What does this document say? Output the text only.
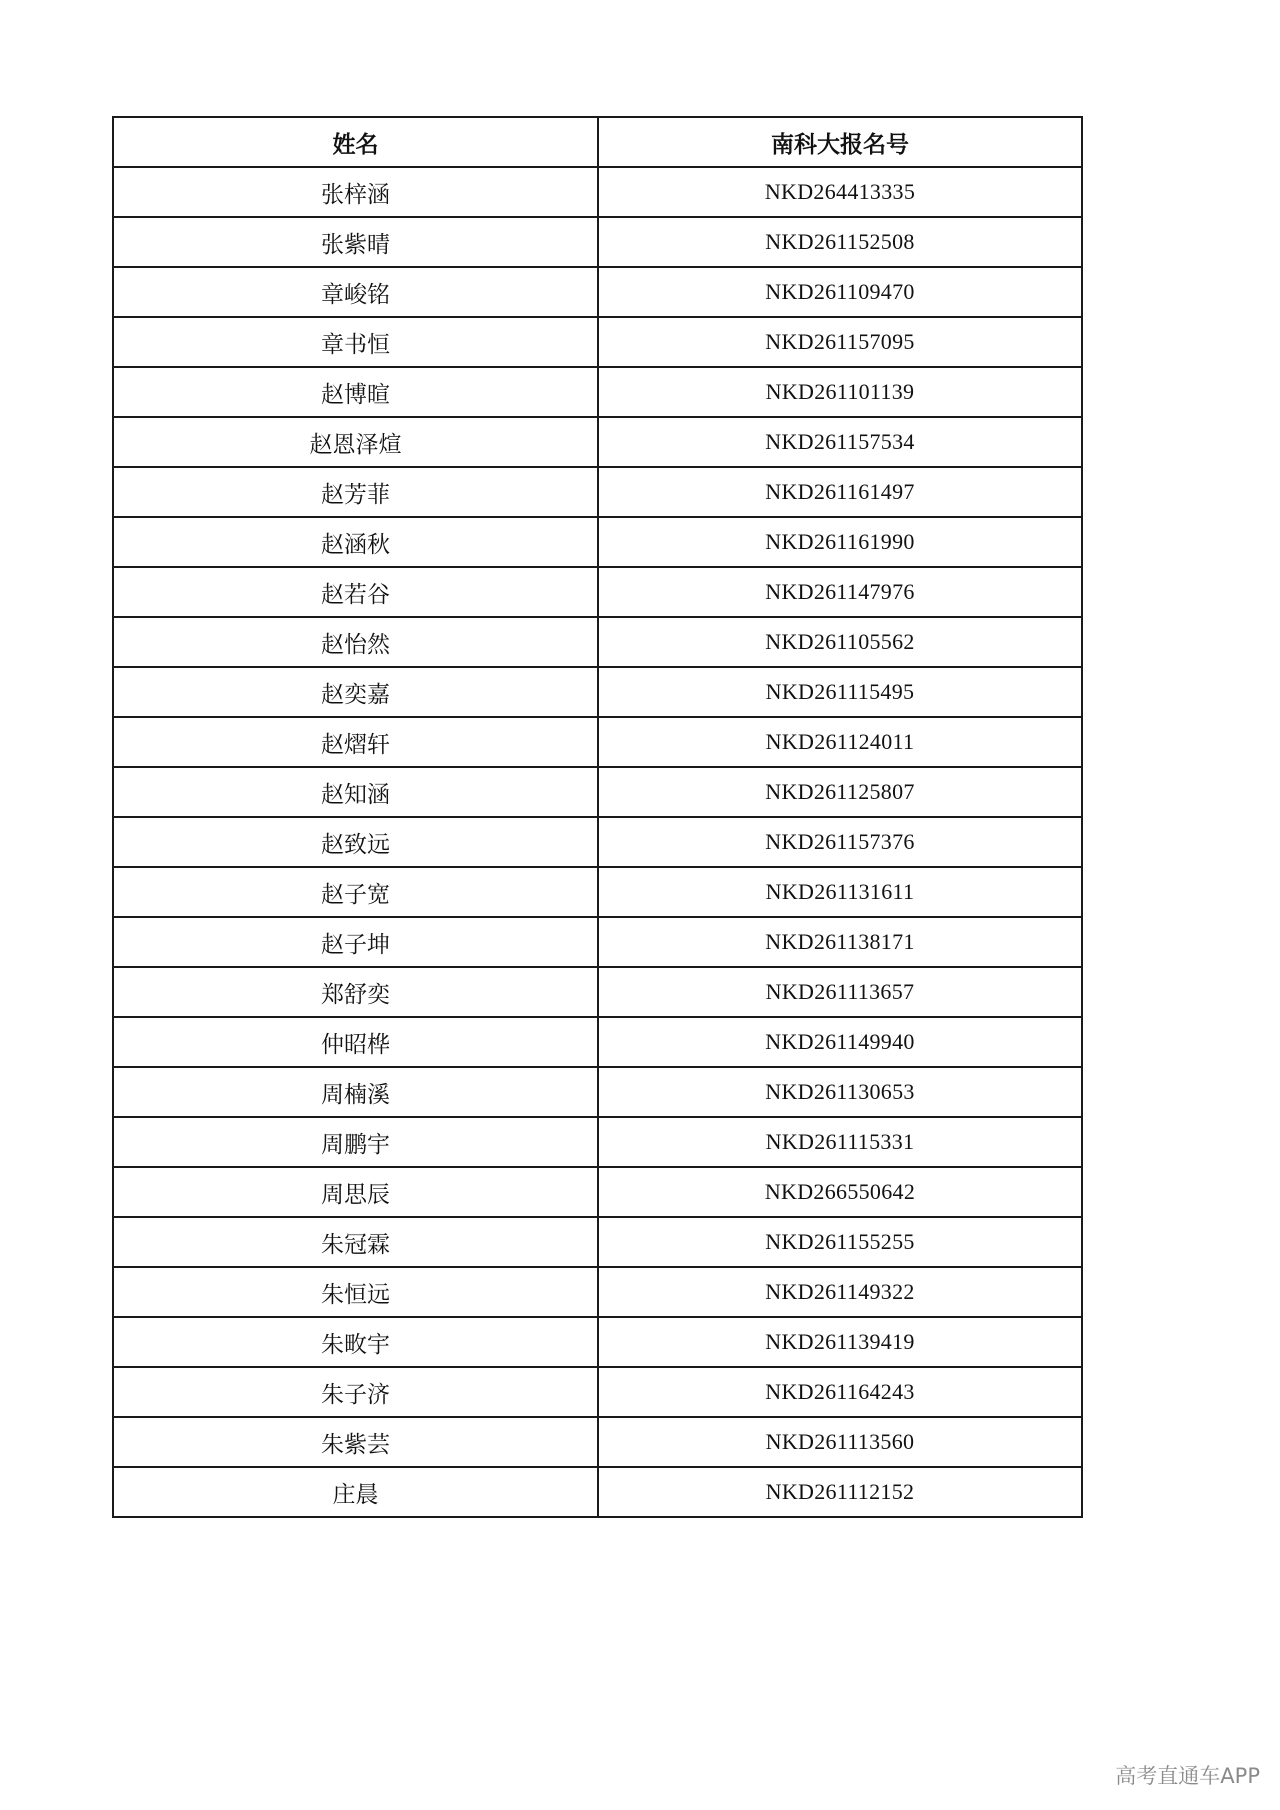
姓名	南科大报名号
张梓涵	NKD264413335
张紫晴	NKD261152508
章峻铭	NKD261109470
章书恒	NKD261157095
赵博暄	NKD261101139
赵恩泽煊	NKD261157534
赵芳菲	NKD261161497
赵涵秋	NKD261161990
赵若谷	NKD261147976
赵怡然	NKD261105562
赵奕嘉	NKD261115495
赵熠轩	NKD261124011
赵知涵	NKD261125807
赵致远	NKD261157376
赵子宽	NKD261131611
赵子坤	NKD261138171
郑舒奕	NKD261113657
仲昭桦	NKD261149940
周楠溪	NKD261130653
周鹏宇	NKD261115331
周思辰	NKD266550642
朱冠霖	NKD261155255
朱恒远	NKD261149322
朱畋宇	NKD261139419
朱子济	NKD261164243
朱紫芸	NKD261113560
庄晨	NKD261112152
高考直通车APP
